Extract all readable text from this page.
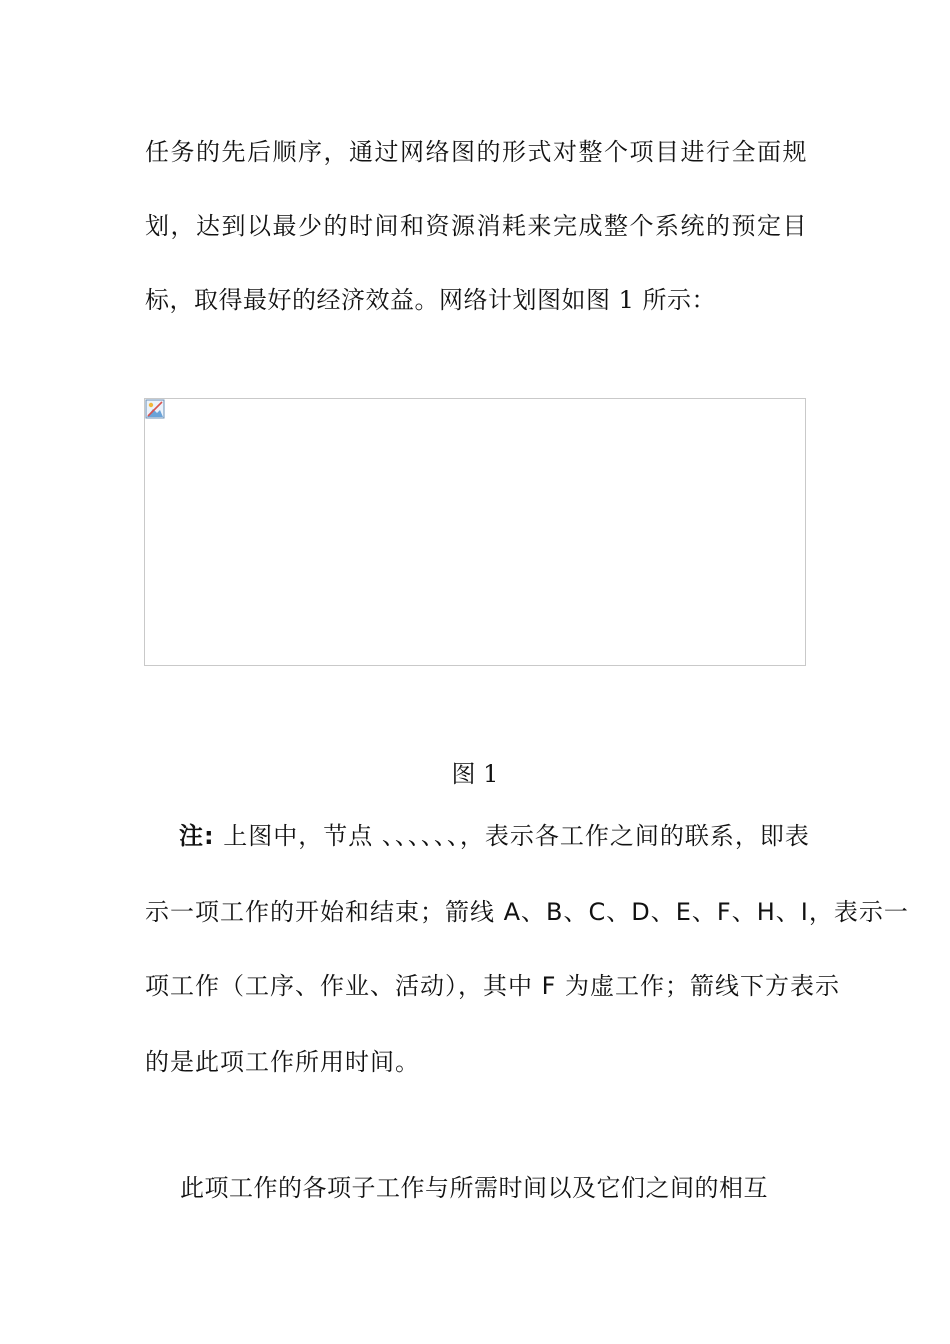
任务的先后顺序，通过网络图的形式对整个项目进行全面规
划，达到以最少的时间和资源消耗来完成整个系统的预定目
标，取得最好的经济效益。网络计划图如图 1 所示：
图 1
注: 上图中，节点 、、、、、、，表示各工作之间的联系，即表
示一项工作的开始和结束；箭线 A、B、C、D、E、F、H、I，表示一
项工作（工序、作业、活动），其中 F 为虚工作；箭线下方表示
的是此项工作所用时间。
此项工作的各项子工作与所需时间以及它们之间的相互
